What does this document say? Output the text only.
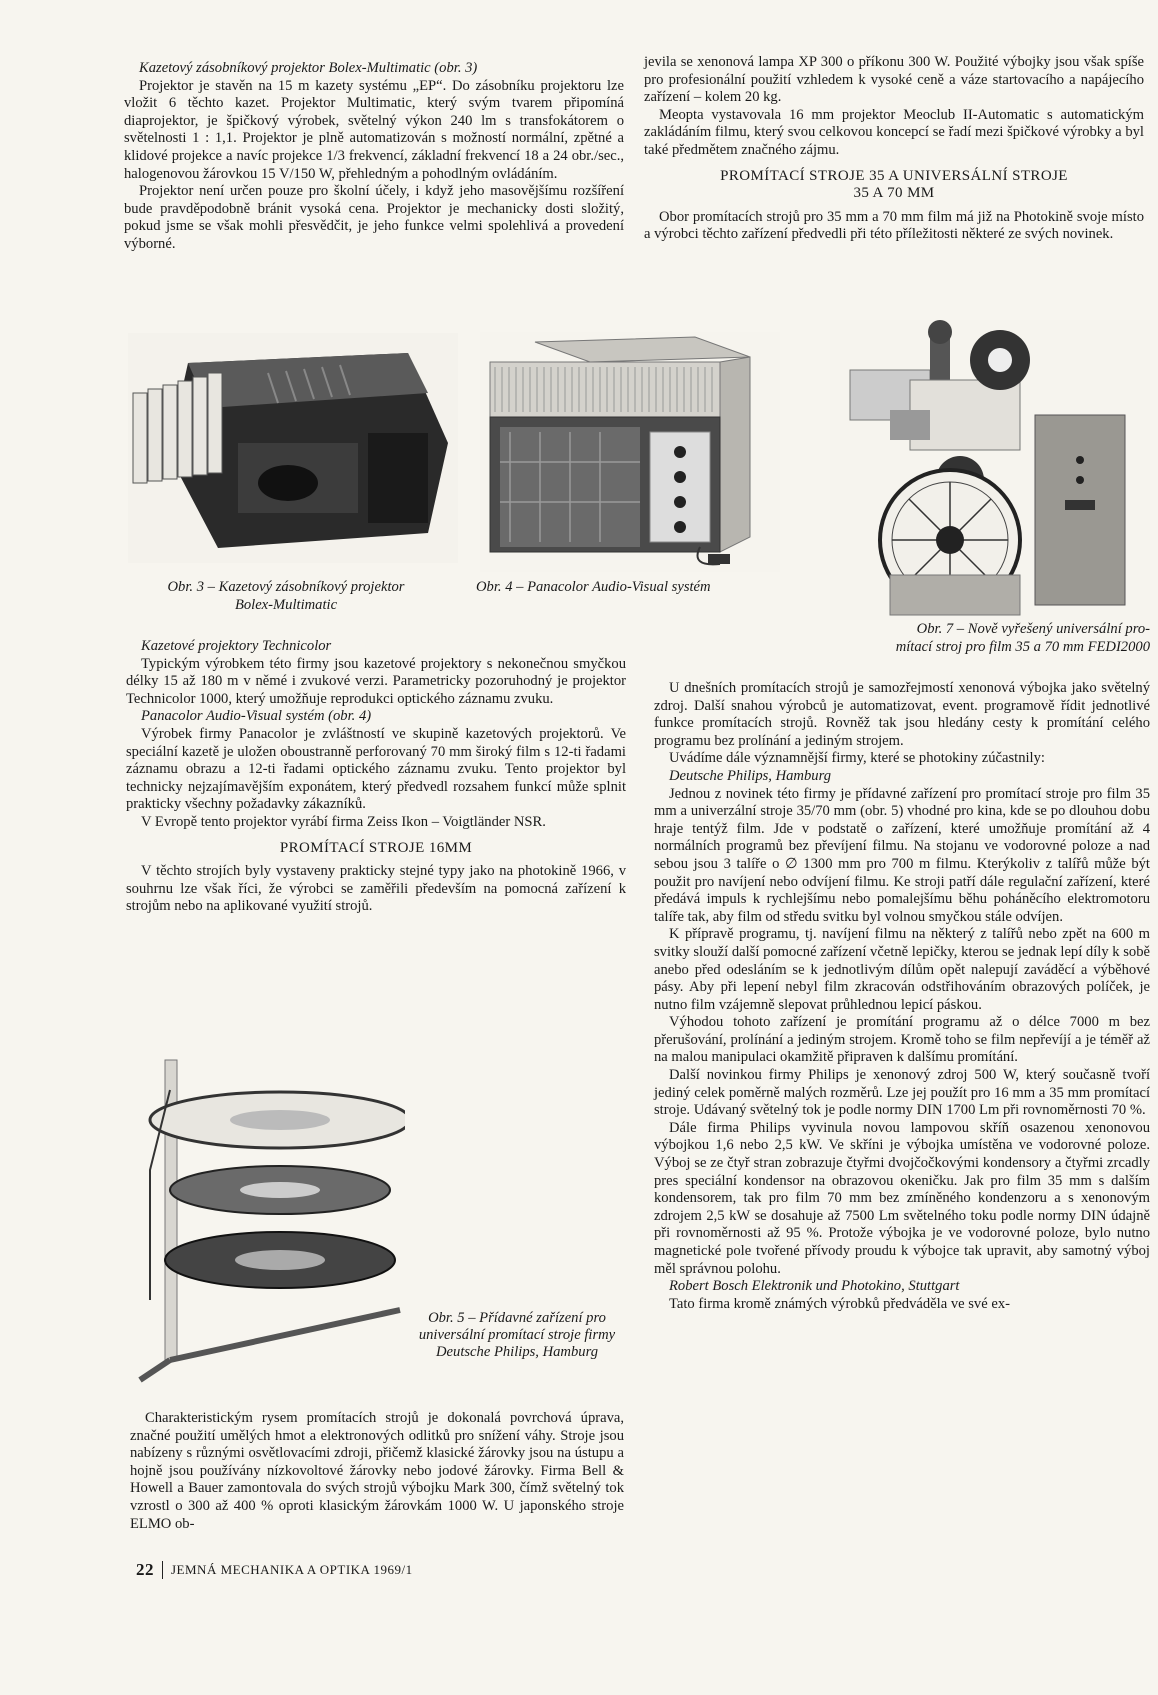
Kazetový zásobníkový projektor Bolex-Multimatic (obr. 3)

Projektor je stavěn na 15 m kazety systému „EP“. Do zásobníku projektoru lze vložit 6 těchto kazet. Projektor Multimatic, který svým tvarem připomíná diaprojektor, je špičkový výrobek, světelný výkon 240 lm s transfokátorem o světelnosti 1 : 1,1. Projektor je plně automatizován s možností normální, zpětné a klidové projekce a navíc projekce 1/3 frekvencí, základní frekvencí 18 a 24 obr./sec., halogenovou žárovkou 15 V/150 W, přehledným a pohodlným ovládáním.

Projektor není určen pouze pro školní účely, i když jeho masovějšímu rozšíření bude pravděpodobně bránit vysoká cena. Projektor je mechanicky dosti složitý, pokud jsme se však mohli přesvědčit, je jeho funkce velmi spolehlivá a provedení výborné.

jevila se xenonová lampa XP 300 o příkonu 300 W. Použité výbojky jsou však spíše pro profesionální použití vzhledem k vysoké ceně a váze startovacího a napájecího zařízení – kolem 20 kg.

Meopta vystavovala 16 mm projektor Meoclub II-Automatic s automatickým zakládáním filmu, který svou celkovou koncepcí se řadí mezi špičkové výrobky a byl také předmětem značného zájmu.

PROMÍTACÍ STROJE 35 A UNIVERSÁLNÍ STROJE
35 A 70 MM

Obor promítacích strojů pro 35 mm a 70 mm film má již na Photokině svoje místo a výrobci těchto zařízení předvedli při této příležitosti některé ze svých novinek.

Obr. 3 – Kazetový zásobníkový projektor
Bolex-Multimatic
Obr. 4 – Panacolor Audio-Visual systém
Obr. 7 – Nově vyřešený universální pro-
mítací stroj pro film 35 a 70 mm FEDI2000

Kazetové projektory Technicolor

Typickým výrobkem této firmy jsou kazetové projektory s nekonečnou smyčkou délky 15 až 180 m v němé i zvukové verzi. Parametricky pozoruhodný je projektor Technicolor 1000, který umožňuje reprodukci optického záznamu zvuku.

Panacolor Audio-Visual systém (obr. 4)

Výrobek firmy Panacolor je zvláštností ve skupině kazetových projektorů. Ve speciální kazetě je uložen oboustranně perforovaný 70 mm široký film s 12-ti řadami záznamu obrazu a 12-ti řadami optického záznamu zvuku. Tento projektor byl technicky nejzajímavějším exponátem, který předvedl rozsahem funkcí může splnit prakticky všechny požadavky zákazníků.

V Evropě tento projektor vyrábí firma Zeiss Ikon – Voigtländer NSR.

PROMÍTACÍ STROJE 16MM

V těchto strojích byly vystaveny prakticky stejné typy jako na photokině 1966, v souhrnu lze však říci, že výrobci se zaměřili především na pomocná zařízení k strojům nebo na aplikované využití strojů.

Obr. 5 – Přídavné zařízení pro universální promítací stroje firmy Deutsche Philips, Hamburg

Charakteristickým rysem promítacích strojů je dokonalá povrchová úprava, značné použití umělých hmot a elektronových odlitků pro snížení váhy. Stroje jsou nabízeny s různými osvětlovacími zdroji, přičemž klasické žárovky jsou na ústupu a hojně jsou používány nízkovoltové žárovky nebo jodové žárovky. Firma Bell & Howell a Bauer zamontovala do svých strojů výbojku Mark 300, čímž světelný tok vzrostl o 300 až 400 % oproti klasickým žárovkám 1000 W. U japonského stroje ELMO ob-

U dnešních promítacích strojů je samozřejmostí xenonová výbojka jako světelný zdroj. Další snahou výrobců je automatizovat, event. programově řídit jednotlivé funkce promítacích strojů. Rovněž tak jsou hledány cesty k promítání celého programu bez prolínání a jediným strojem.

Uvádíme dále významnější firmy, které se photokiny zúčastnily:

Deutsche Philips, Hamburg

Jednou z novinek této firmy je přídavné zařízení pro promítací stroje pro film 35 mm a univerzální stroje 35/70 mm (obr. 5) vhodné pro kina, kde se po dlouhou dobu hraje tentýž film. Jde v podstatě o zařízení, které umožňuje promítání až 4 normálních programů bez převíjení filmu. Na stojanu ve vodorovné poloze a nad sebou jsou 3 talíře o ∅ 1300 mm pro 700 m filmu. Kterýkoliv z talířů může být použit pro navíjení nebo odvíjení filmu. Ke stroji patří dále regulační zařízení, které předává impuls k rychlejšímu nebo pomalejšímu běhu poháněcího elektromotoru talíře tak, aby film od středu svitku byl volnou smyčkou stále odvíjen.

K přípravě programu, tj. navíjení filmu na některý z talířů nebo zpět na 600 m svitky slouží další pomocné zařízení včetně lepičky, kterou se jednak lepí díly k sobě anebo před odesláním se k jednotlivým dílům opět nalepují zaváděcí a výběhové pásy. Aby při lepení nebyl film zkracován odstřihováním obrazových políček, je nutno film vzájemně slepovat průhlednou lepicí páskou.

Výhodou tohoto zařízení je promítání programu až o délce 7000 m bez přerušování, prolínání a jediným strojem. Kromě toho se film nepřevíjí a je téměř až na malou manipulaci okamžitě připraven k dalšímu promítání.

Další novinkou firmy Philips je xenonový zdroj 500 W, který současně tvoří jediný celek poměrně malých rozměrů. Lze jej použít pro 16 mm a 35 mm promítací stroje. Udávaný světelný tok je podle normy DIN 1700 Lm při rovnoměrnosti 70 %.

Dále firma Philips vyvinula novou lampovou skříň osazenou xenonovou výbojkou 1,6 nebo 2,5 kW. Ve skříni je výbojka umístěna ve vodorovné poloze. Výboj se ze čtyř stran zobrazuje čtyřmi dvojčočkovými kondensory a čtyřmi zrcadly pres speciální kondensor na obrazovou okeničku. Jak pro film 35 mm s dalším kondensorem, tak pro film 70 mm bez zmíněného kondenzoru a s xenonovým zdrojem 2,5 kW se dosahuje až 7500 Lm světelného toku podle normy DIN údajně při rovnoměrnosti až 95 %. Protože výbojka je ve vodorovné poloze, bylo nutno magnetické pole tvořené přívody proudu k výbojce tak upravit, aby samotný výboj měl správnou polohu.

Robert Bosch Elektronik und Photokino, Stuttgart

Tato firma kromě známých výrobků předváděla ve své ex-

22 JEMNÁ MECHANIKA A OPTIKA 1969/1
